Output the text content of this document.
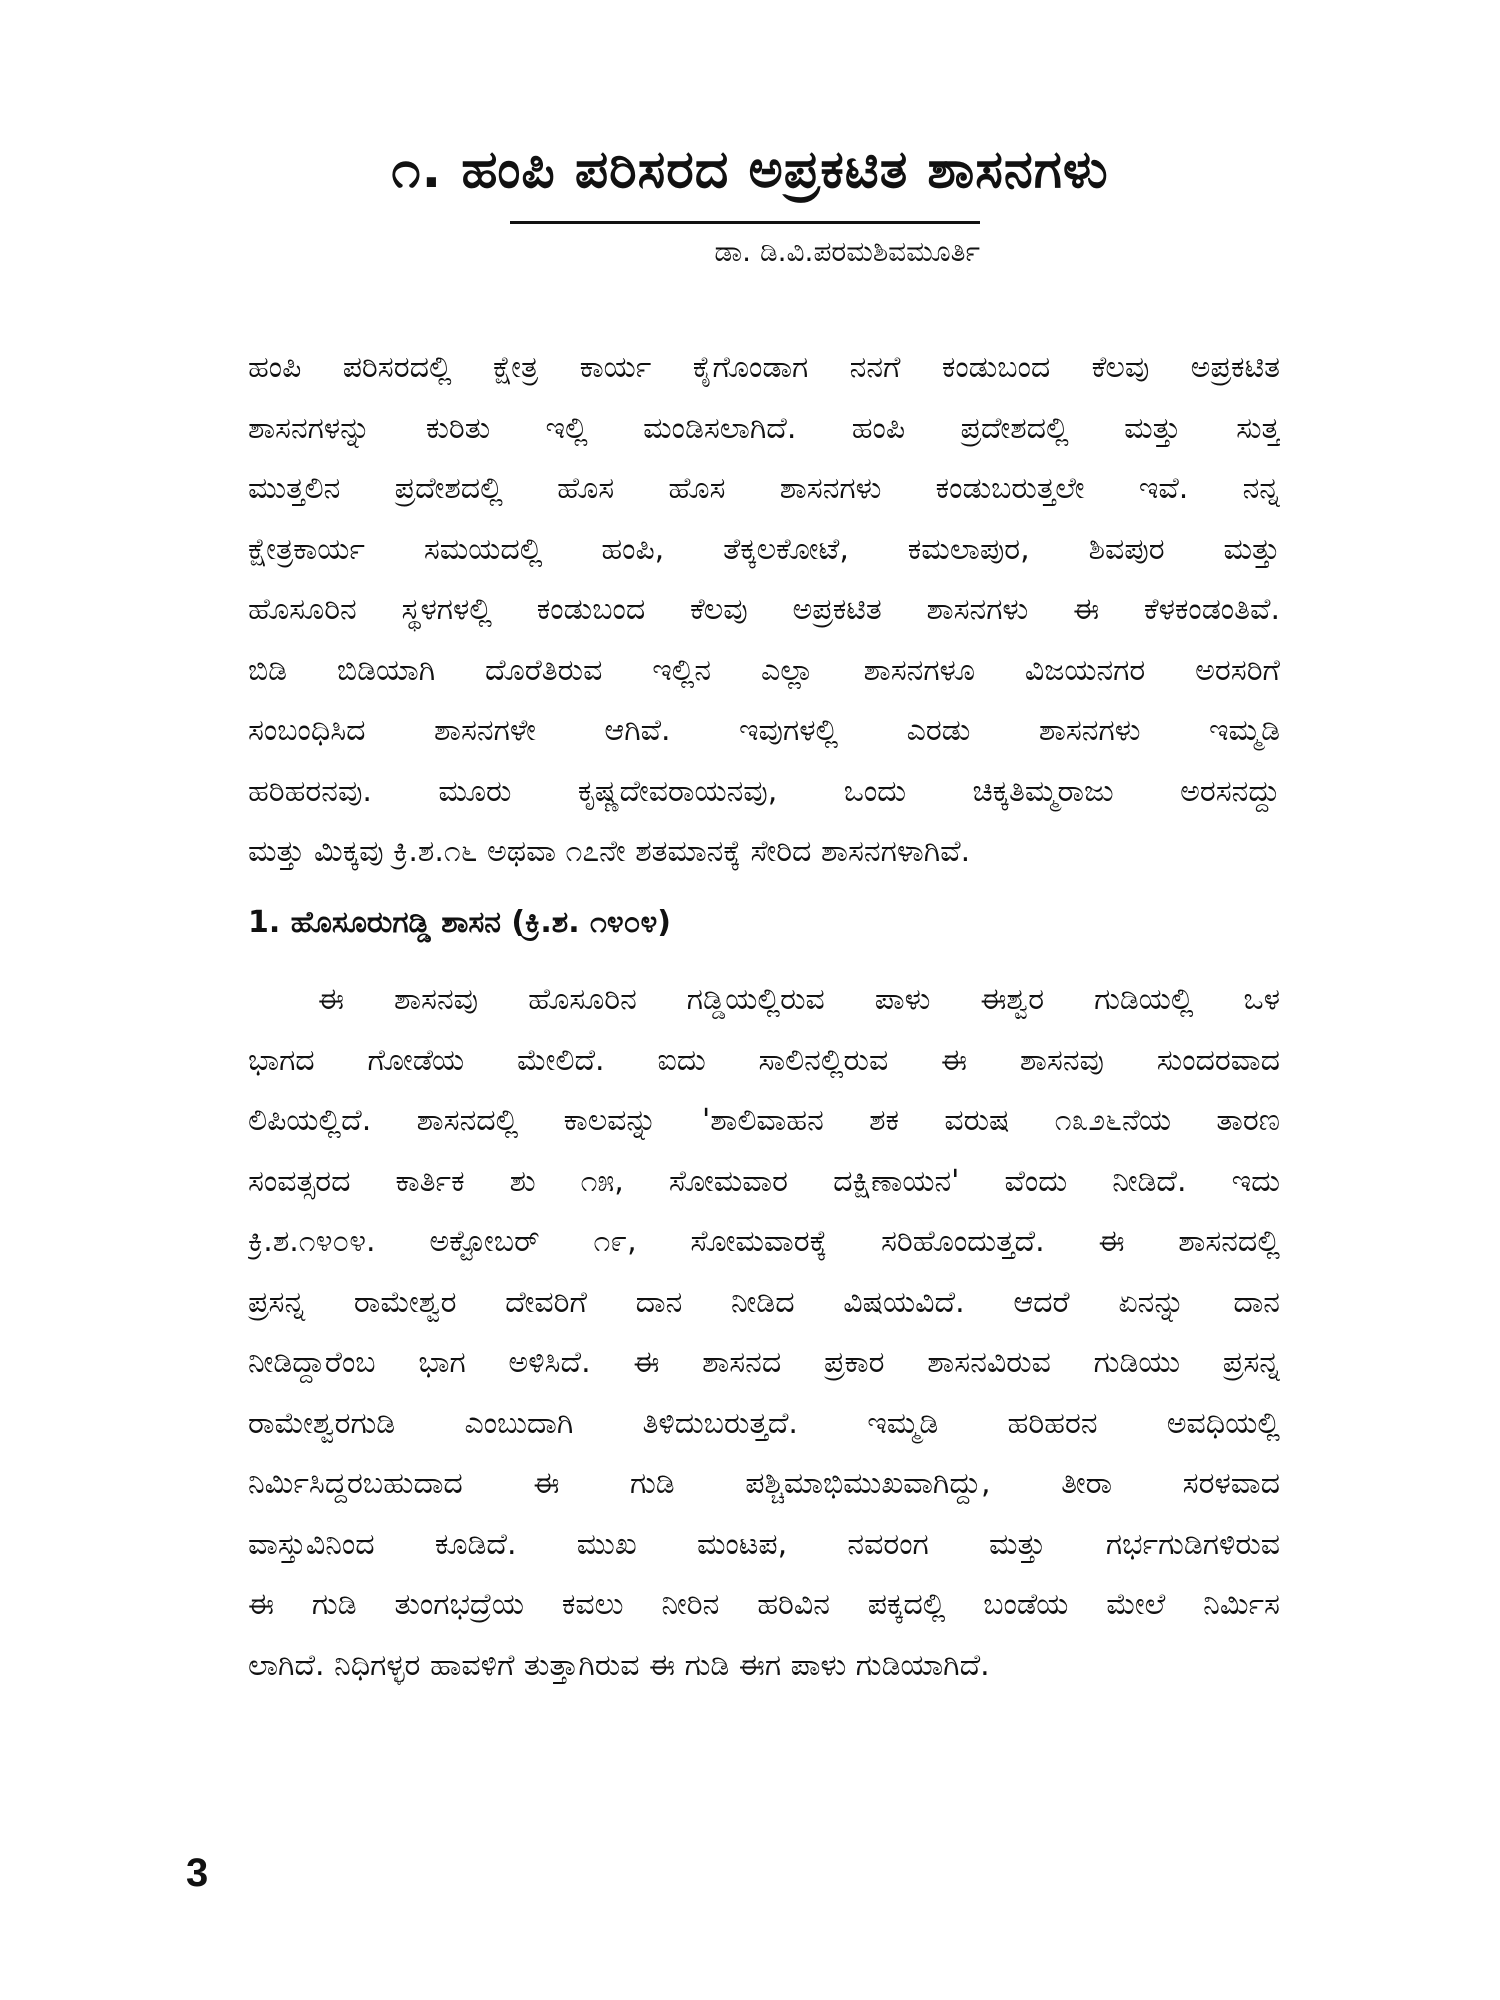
೧. ಹಂಪಿ ಪರಿಸರದ ಅಪ್ರಕಟಿತ ಶಾಸನಗಳು
ಡಾ. ಡಿ.ವಿ.ಪರಮಶಿವಮೂರ್ತಿ
ಹಂಪಿ ಪರಿಸರದಲ್ಲಿ ಕ್ಷೇತ್ರ ಕಾರ್ಯ ಕೈಗೊಂಡಾಗ ನನಗೆ ಕಂಡುಬಂದ ಕೆಲವು ಅಪ್ರಕಟಿತ
ಶಾಸನಗಳನ್ನು ಕುರಿತು ಇಲ್ಲಿ ಮಂಡಿಸಲಾಗಿದೆ. ಹಂಪಿ ಪ್ರದೇಶದಲ್ಲಿ ಮತ್ತು ಸುತ್ತ
ಮುತ್ತಲಿನ ಪ್ರದೇಶದಲ್ಲಿ ಹೊಸ ಹೊಸ ಶಾಸನಗಳು ಕಂಡುಬರುತ್ತಲೇ ಇವೆ. ನನ್ನ
ಕ್ಷೇತ್ರಕಾರ್ಯ ಸಮಯದಲ್ಲಿ ಹಂಪಿ, ತೆಕ್ಕಲಕೋಟೆ, ಕಮಲಾಪುರ, ಶಿವಪುರ ಮತ್ತು
ಹೊಸೂರಿನ ಸ್ಥಳಗಳಲ್ಲಿ ಕಂಡುಬಂದ ಕೆಲವು ಅಪ್ರಕಟಿತ ಶಾಸನಗಳು ಈ ಕೆಳಕಂಡಂತಿವೆ.
ಬಿಡಿ ಬಿಡಿಯಾಗಿ ದೊರೆತಿರುವ ಇಲ್ಲಿನ ಎಲ್ಲಾ ಶಾಸನಗಳೂ ವಿಜಯನಗರ ಅರಸರಿಗೆ
ಸಂಬಂಧಿಸಿದ ಶಾಸನಗಳೇ ಆಗಿವೆ. ಇವುಗಳಲ್ಲಿ ಎರಡು ಶಾಸನಗಳು ಇಮ್ಮಡಿ
ಹರಿಹರನವು. ಮೂರು ಕೃಷ್ಣದೇವರಾಯನವು, ಒಂದು ಚಿಕ್ಕತಿಮ್ಮರಾಜು ಅರಸನದ್ದು
ಮತ್ತು ಮಿಕ್ಕವು ಕ್ರಿ.ಶ.೧೬ ಅಥವಾ ೧೭ನೇ ಶತಮಾನಕ್ಕೆ ಸೇರಿದ ಶಾಸನಗಳಾಗಿವೆ.
1. ಹೊಸೂರುಗಡ್ಡಿ ಶಾಸನ (ಕ್ರಿ.ಶ. ೧೪೦೪)
ಈ ಶಾಸನವು ಹೊಸೂರಿನ ಗಡ್ಡಿಯಲ್ಲಿರುವ ಪಾಳು ಈಶ್ವರ ಗುಡಿಯಲ್ಲಿ ಒಳ
ಭಾಗದ ಗೋಡೆಯ ಮೇಲಿದೆ. ಐದು ಸಾಲಿನಲ್ಲಿರುವ ಈ ಶಾಸನವು ಸುಂದರವಾದ
ಲಿಪಿಯಲ್ಲಿದೆ. ಶಾಸನದಲ್ಲಿ ಕಾಲವನ್ನು 'ಶಾಲಿವಾಹನ ಶಕ ವರುಷ ೧೩೨೬ನೆಯ ತಾರಣ
ಸಂವತ್ಸರದ ಕಾರ್ತಿಕ ಶು ೧೫, ಸೋಮವಾರ ದಕ್ಷಿಣಾಯನ' ವೆಂದು ನೀಡಿದೆ. ಇದು
ಕ್ರಿ.ಶ.೧೪೦೪. ಅಕ್ಟೋಬರ್ ೧೯, ಸೋಮವಾರಕ್ಕೆ ಸರಿಹೊಂದುತ್ತದೆ. ಈ ಶಾಸನದಲ್ಲಿ
ಪ್ರಸನ್ನ ರಾಮೇಶ್ವರ ದೇವರಿಗೆ ದಾನ ನೀಡಿದ ವಿಷಯವಿದೆ. ಆದರೆ ಏನನ್ನು ದಾನ
ನೀಡಿದ್ದಾರೆಂಬ ಭಾಗ ಅಳಿಸಿದೆ. ಈ ಶಾಸನದ ಪ್ರಕಾರ ಶಾಸನವಿರುವ ಗುಡಿಯು ಪ್ರಸನ್ನ
ರಾಮೇಶ್ವರಗುಡಿ ಎಂಬುದಾಗಿ ತಿಳಿದುಬರುತ್ತದೆ. ಇಮ್ಮಡಿ ಹರಿಹರನ ಅವಧಿಯಲ್ಲಿ
ನಿರ್ಮಿಸಿದ್ದರಬಹುದಾದ ಈ ಗುಡಿ ಪಶ್ಚಿಮಾಭಿಮುಖವಾಗಿದ್ದು, ತೀರಾ ಸರಳವಾದ
ವಾಸ್ತುವಿನಿಂದ ಕೂಡಿದೆ. ಮುಖ ಮಂಟಪ, ನವರಂಗ ಮತ್ತು ಗರ್ಭಗುಡಿಗಳಿರುವ
ಈ ಗುಡಿ ತುಂಗಭದ್ರೆಯ ಕವಲು ನೀರಿನ ಹರಿವಿನ ಪಕ್ಕದಲ್ಲಿ ಬಂಡೆಯ ಮೇಲೆ ನಿರ್ಮಿಸ
ಲಾಗಿದೆ. ನಿಧಿಗಳ್ಳರ ಹಾವಳಿಗೆ ತುತ್ತಾಗಿರುವ ಈ ಗುಡಿ ಈಗ ಪಾಳು ಗುಡಿಯಾಗಿದೆ.
3
